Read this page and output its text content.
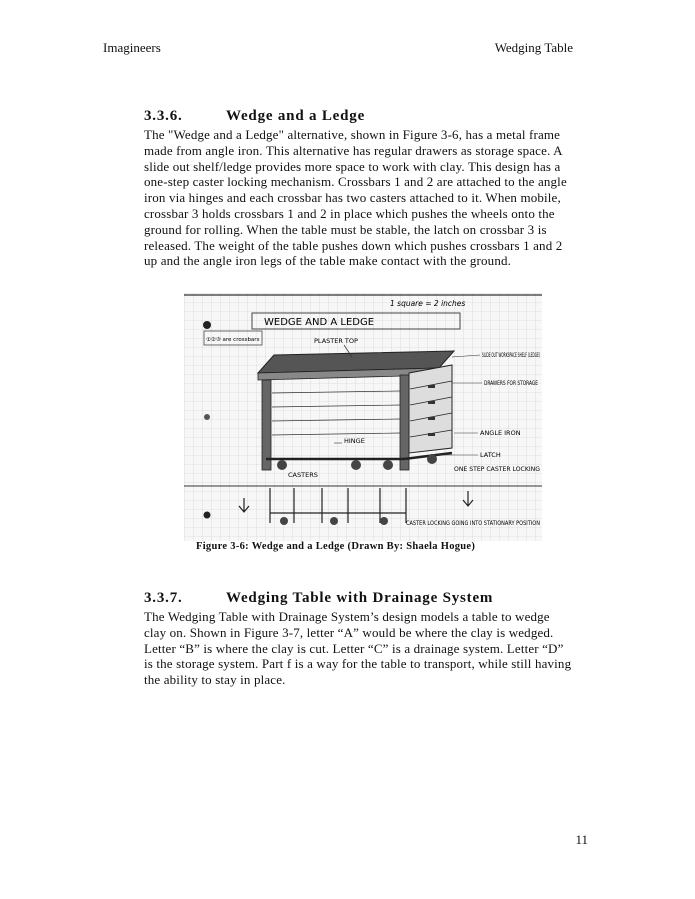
Imagineers	Wedging Table
3.3.6.	Wedge and a Ledge

The "Wedge and a Ledge" alternative, shown in Figure 3-6, has a metal frame made from angle iron. This alternative has regular drawers as storage space. A slide out shelf/ledge provides more space to work with clay. This design has a one-step caster locking mechanism. Crossbars 1 and 2 are attached to the angle iron via hinges and each crossbar has two casters attached to it. When mobile, crossbar 3 holds crossbars 1 and 2 in place which pushes the wheels onto the ground for rolling. When the table must be stable, the latch on crossbar 3 is released. The weight of the table pushes down which pushes crossbars 1 and 2 up and the angle iron legs of the table make contact with the ground.

WEDGE AND A LEDGE
1 square = 2 inches
①②③ are crossbars	PLASTER TOP
SLIDE OUT WORKSPACE SHELF (LEDGE)
DRAWERS FOR STORAGE
ANGLE IRON
LATCH
ONE STEP CASTER LOCKING
HINGE
CASTERS
CASTER LOCKING GOING INTO STATIONARY POSITION
Figure 3-6: Wedge and a Ledge (Drawn By: Shaela Hogue)
3.3.7.	Wedging Table with Drainage System

The Wedging Table with Drainage System’s design models a table to wedge clay on. Shown in Figure 3-7, letter “A” would be where the clay is wedged. Letter “B” is where the clay is cut. Letter “C” is a drainage system. Letter “D” is the storage system. Part f is a way for the table to transport, while still having the ability to stay in place.

11
